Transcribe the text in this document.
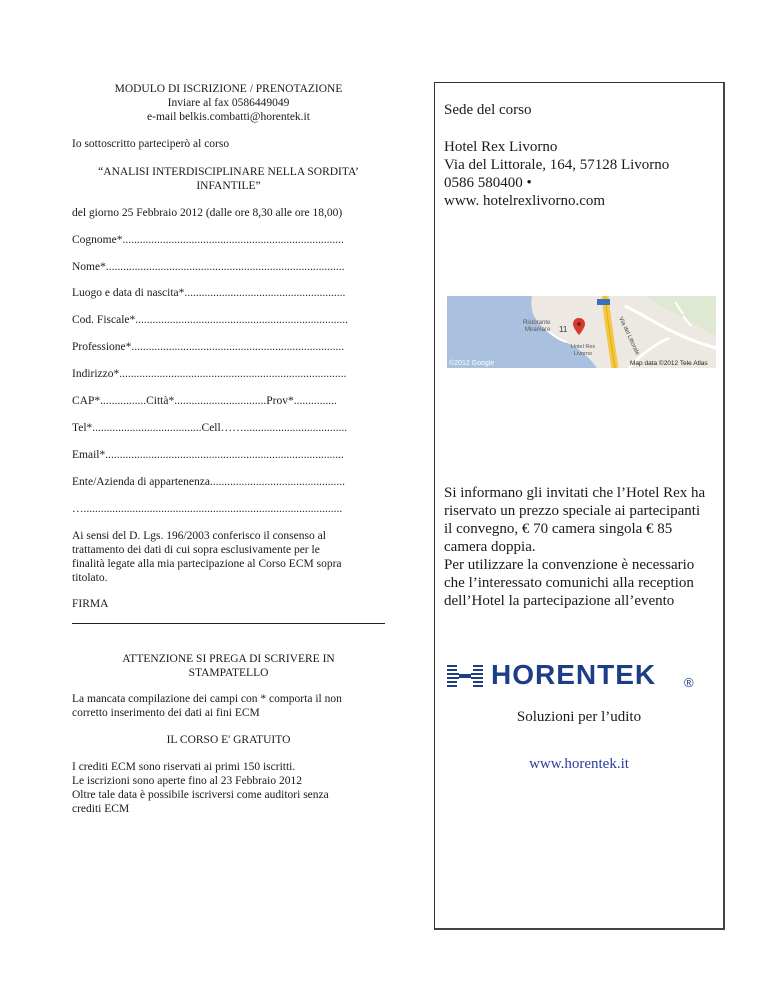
MODULO DI ISCRIZIONE / PRENOTAZIONE
Inviare al fax 0586449049
e-mail belkis.combatti@horentek.it
Io sottoscritto parteciperò al corso
“ANALISI INTERDISCIPLINARE NELLA SORDITA’
INFANTILE”
del giorno 25 Febbraio 2012 (dalle ore 8,30 alle ore 18,00)
Cognome*.............................................................................
Nome*...................................................................................
Luogo e data di nascita*........................................................
Cod. Fiscale*..........................................................................
Professione*..........................................................................
Indirizzo*...............................................................................
CAP*................Città*................................Prov*...............
Tel*......................................Cell……....................................
Email*...................................................................................
Ente/Azienda di appartenenza...............................................
…..........................................................................................
Ai sensi del D. Lgs. 196/2003 conferisco il consenso al
trattamento dei dati di cui sopra esclusivamente per le
finalità legate alla mia partecipazione al Corso ECM sopra
titolato.
FIRMA
ATTENZIONE SI PREGA DI SCRIVERE IN
STAMPATELLO
La mancata compilazione dei campi con * comporta il non
corretto inserimento dei dati ai fini ECM
IL CORSO E' GRATUITO
I crediti ECM sono riservati ai primi 150 iscritti.
Le iscrizioni sono aperte fino al 23 Febbraio 2012
Oltre tale data è possibile iscriversi come auditori senza
crediti ECM
Sede del corso
Hotel Rex Livorno
Via del Littorale, 164, 57128 Livorno
0586 580400 •
www. hotelrexlivorno.com
Ristorante
Miramare
Hotel Rex
Livorno	Via del Littorale
11
©2012 Google	Map data ©2012 Tele Atlas
Si informano gli invitati che l’Hotel Rex ha
riservato un prezzo speciale ai partecipanti
il convegno, € 70 camera singola € 85
camera doppia.
Per utilizzare la convenzione è necessario
che l’interessato comunichi alla reception
dell’Hotel la partecipazione all’evento
HORENTEK ®
Soluzioni per l’udito
www.horentek.it
